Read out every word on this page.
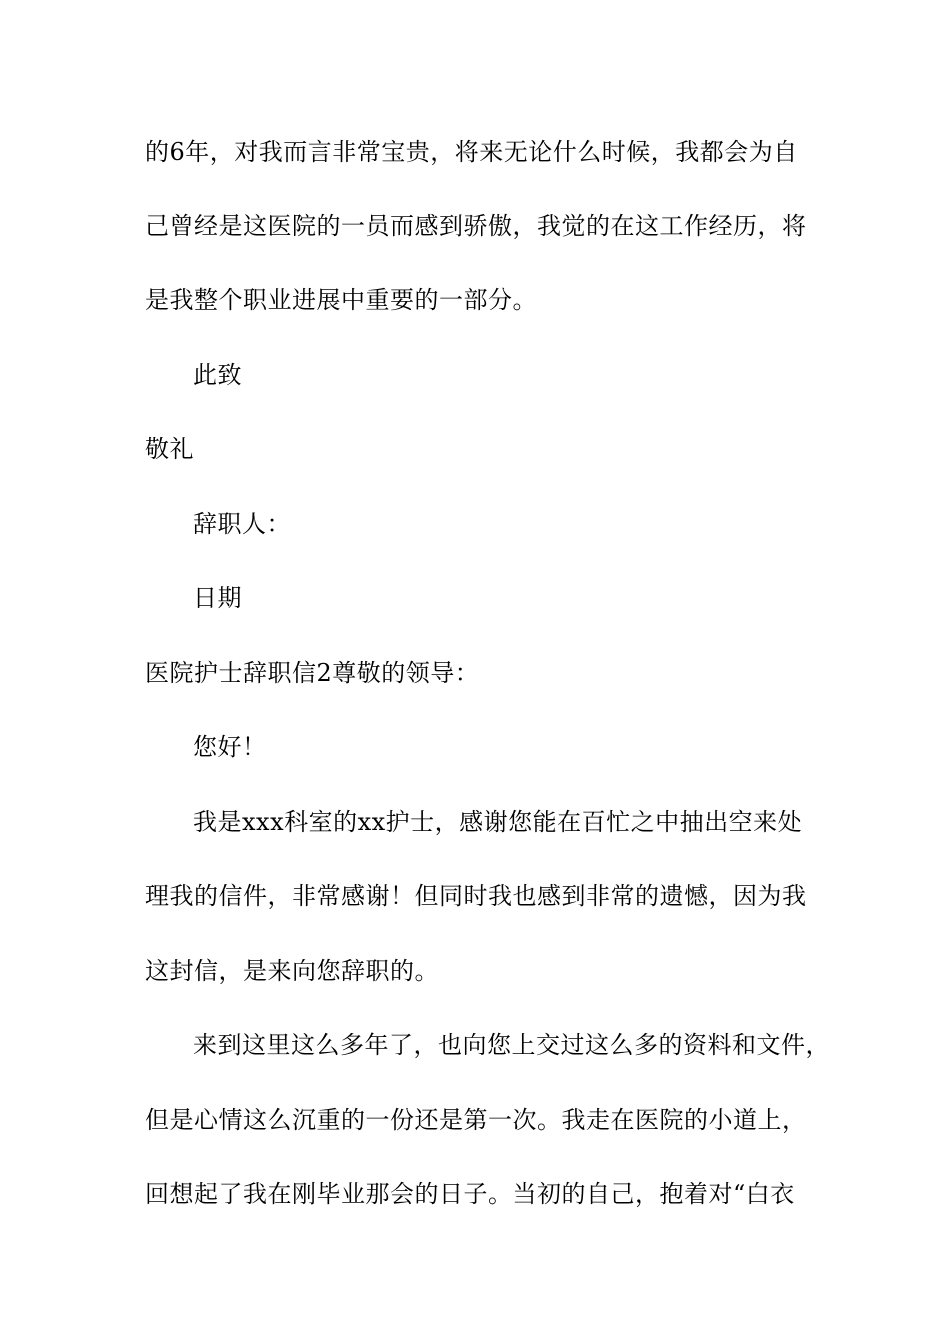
的6年，对我而言非常宝贵，将来无论什么时候，我都会为自
己曾经是这医院的一员而感到骄傲，我觉的在这工作经历，将
是我整个职业进展中重要的一部分。
此致
敬礼
辞职人：
日期
医院护士辞职信2尊敬的领导：
您好！
我是xxx科室的xx护士，感谢您能在百忙之中抽出空来处
理我的信件，非常感谢！但同时我也感到非常的遗憾，因为我
这封信，是来向您辞职的。
来到这里这么多年了，也向您上交过这么多的资料和文件，
但是心情这么沉重的一份还是第一次。我走在医院的小道上，
回想起了我在刚毕业那会的日子。当初的自己，抱着对“白衣
